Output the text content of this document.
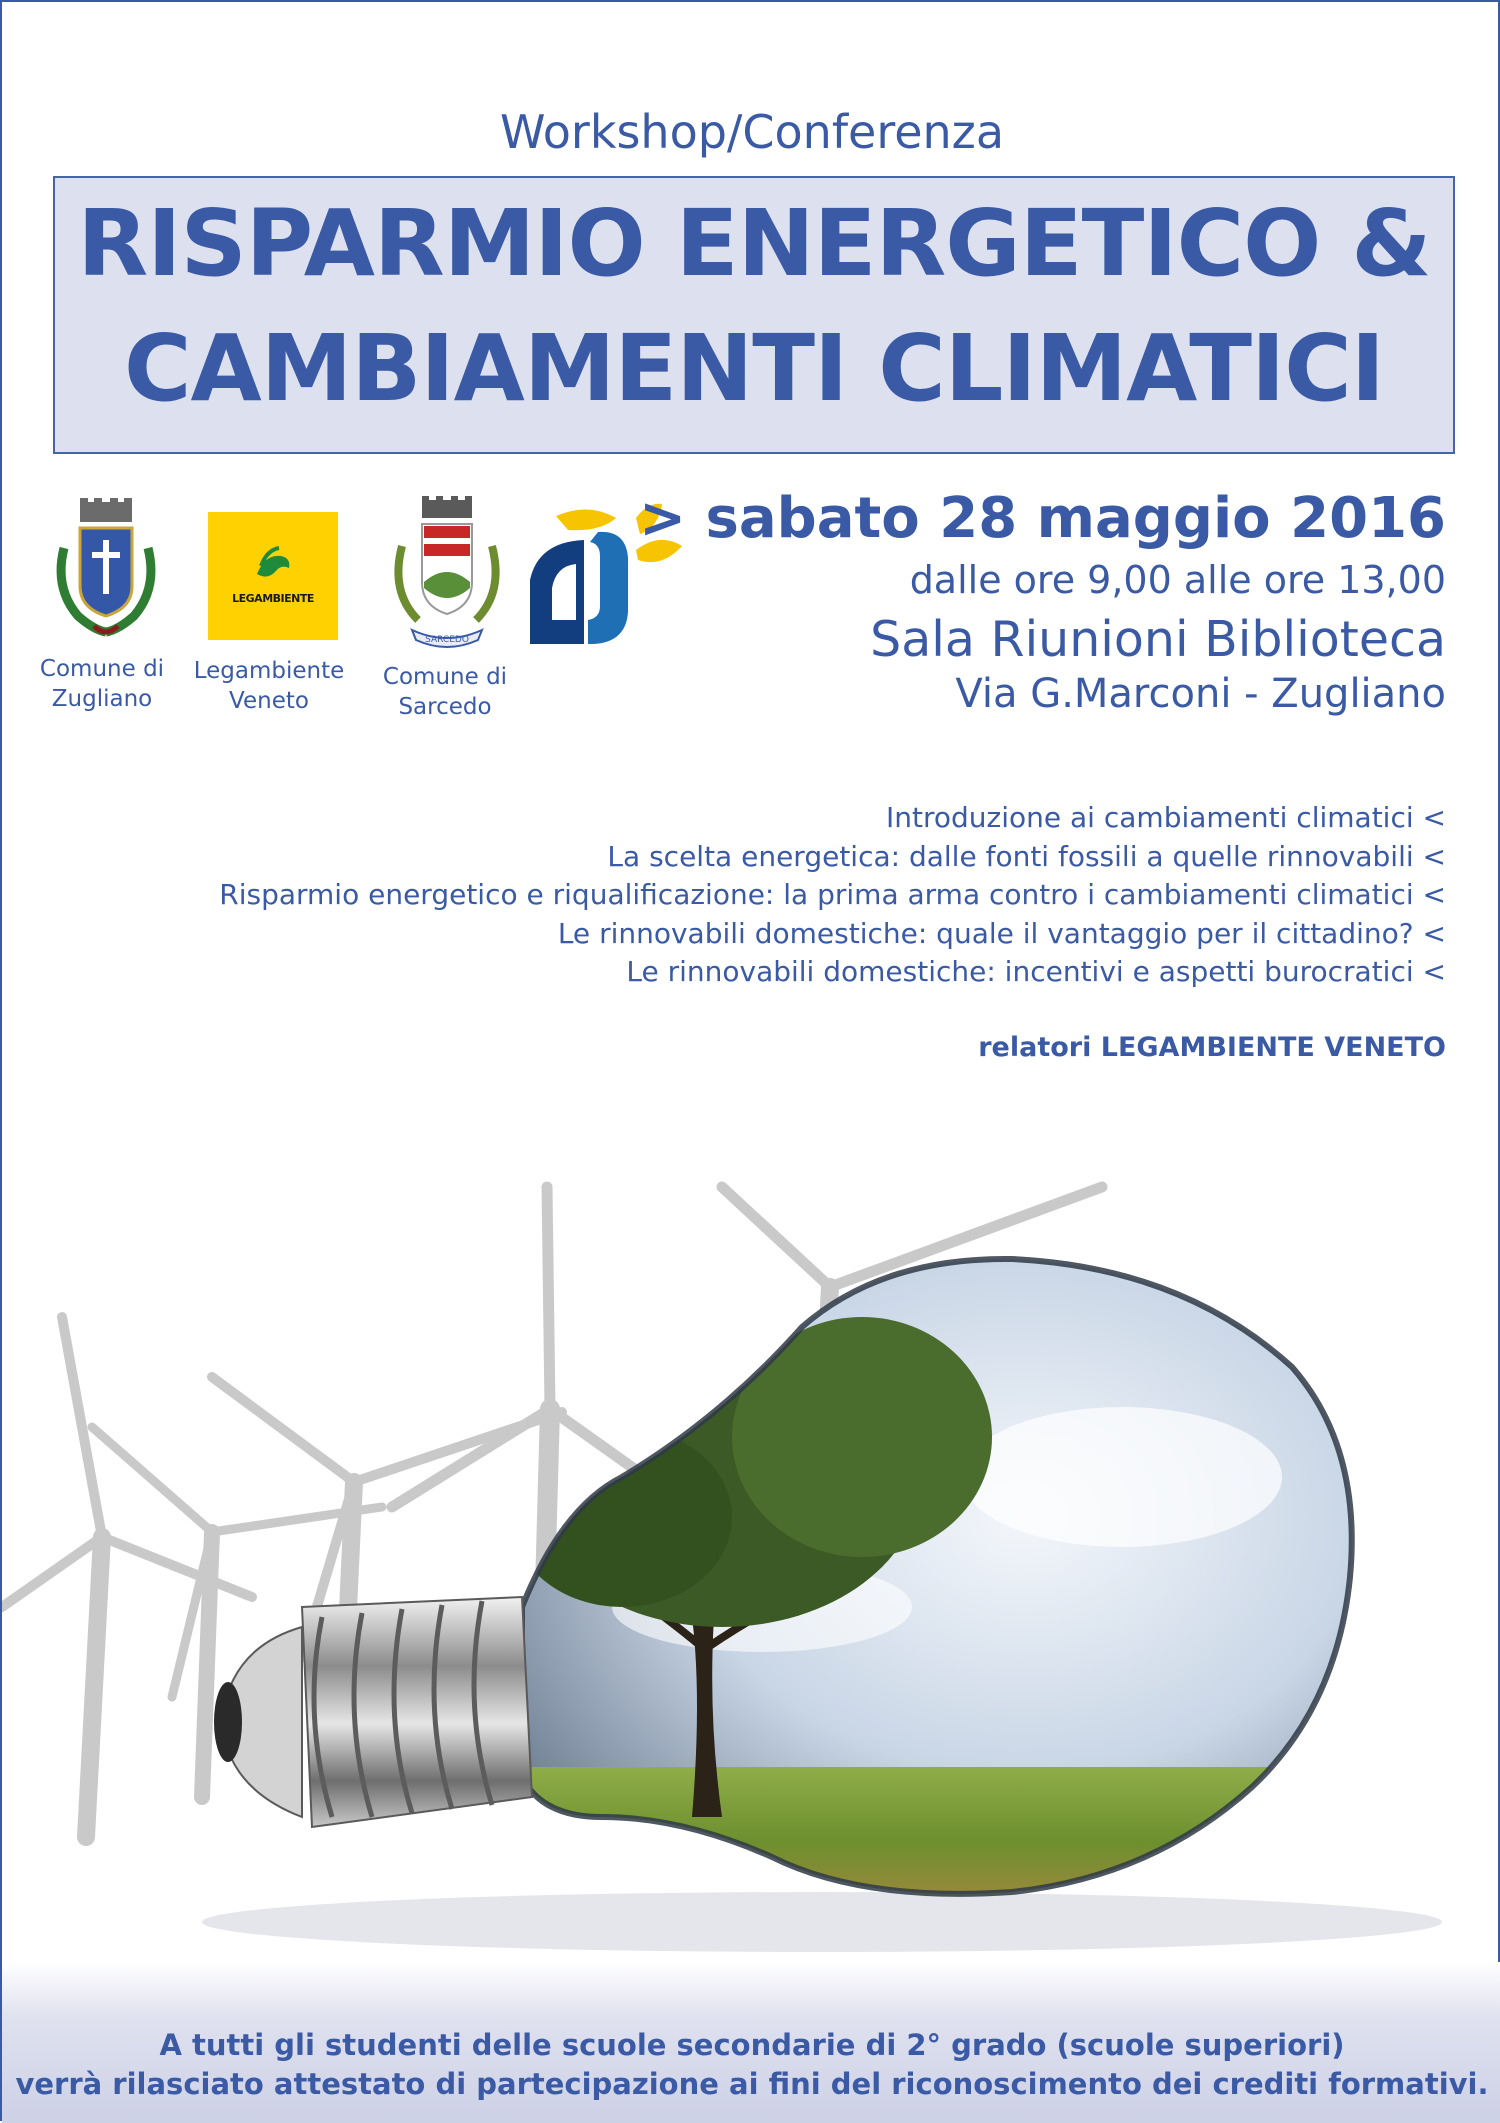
Workshop/Conferenza
RISPARMIO ENERGETICO &
CAMBIAMENTI CLIMATICI
Comune di
Zugliano
LEGAMBIENTE
Legambiente
Veneto
SARCEDO
Comune di
Sarcedo
> sabato 28 maggio 2016
dalle ore 9,00 alle ore 13,00
Sala Riunioni Biblioteca
Via G.Marconi - Zugliano
Introduzione ai cambiamenti climatici <
La scelta energetica: dalle fonti fossili a quelle rinnovabili <
Risparmio energetico e riqualificazione: la prima arma contro i cambiamenti climatici <
Le rinnovabili domestiche: quale il vantaggio per il cittadino? <
Le rinnovabili domestiche: incentivi e aspetti burocratici <
relatori LEGAMBIENTE VENETO
A tutti gli studenti delle scuole secondarie di 2° grado (scuole superiori)
verrà rilasciato attestato di partecipazione ai fini del riconoscimento dei crediti formativi.
